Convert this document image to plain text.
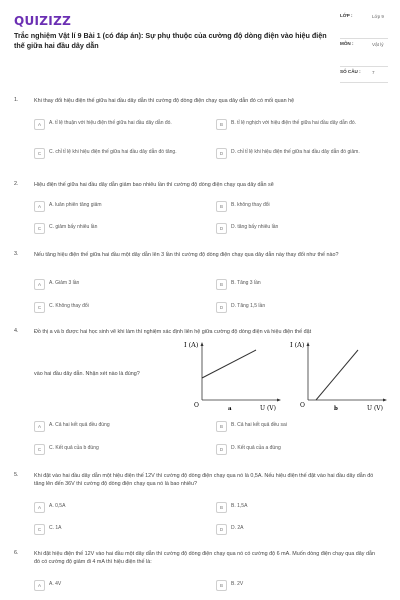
QUIZIZZ
Trắc nghiệm Vật lí 9 Bài 1 (có đáp án): Sự phụ thuộc của cường độ dòng điện vào hiệu điện thế giữa hai đầu dây dẫn
LỚP :	Lớp 9
MÔN :	Vật lý
SỐ CÂU : 7
1.	Khi thay đổi hiệu điện thế giữa hai đầu dây dẫn thì cường độ dòng điện chạy qua dây dẫn đó có mối quan hệ
A	A. tỉ lệ thuận với hiệu điện thế giữa hai đầu dây dẫn đó.	B	B. tỉ lệ nghịch với hiệu điện thế giữa hai đầu dây dẫn đó.
C	C. chỉ tỉ lệ khi hiệu điện thế giữa hai đầu dây dẫn đó tăng.	D	D. chỉ tỉ lệ khi hiệu điện thế giữa hai đầu dây dẫn đó giảm.
2.	Hiệu điện thế giữa hai đầu dây dẫn giảm bao nhiêu lần thì cường độ dòng điện chạy qua dây dẫn sẽ
A	A. luân phiên tăng giảm	B	B. không thay đổi
C	C. giảm bấy nhiêu lần	D	D. tăng bấy nhiêu lần
3.	Nếu tăng hiệu điện thế giữa hai đầu một dây dẫn lên 3 lần thì cường độ dòng điện chạy qua dây dẫn này thay đổi như thế nào?
A	A. Giảm 3 lần	B	B. Tăng 3 lần
C	C. Không thay đổi	D	D. Tăng 1,5 lần
4.	Đồ thị a và b được hai học sinh vẽ khi làm thí nghiệm xác định liên hệ giữa cường độ dòng điện và hiệu điện thế đặt
vào hai đầu dây dẫn. Nhận xét nào là đúng?
I (A)
O	a	U (V)
I (A)
O	b	U (V)
A	A. Cả hai kết quả đều đúng	B	B. Cả hai kết quả đều sai
C	C. Kết quả của b đúng	D	D. Kết quả của a đúng
5.	Khi đặt vào hai đầu dây dẫn một hiệu điện thế 12V thì cường độ dòng điện chạy qua nó là 0,5A. Nếu hiệu điện thế đặt vào hai đầu dây dẫn đó tăng lên đến 36V thì cường độ dòng điện chạy qua nó là bao nhiêu?
A	A. 0,5A	B	B. 1,5A
C	C. 1A	D	D. 2A
6.	Khi đặt hiệu điện thế 12V vào hai đầu một dây dẫn thì cường độ dòng điện chạy qua nó có cường độ 6 mA. Muốn dòng điện chạy qua dây dẫn đó có cường độ giảm đi 4 mA thì hiệu điện thế là:
A	A. 4V	B	B. 2V
